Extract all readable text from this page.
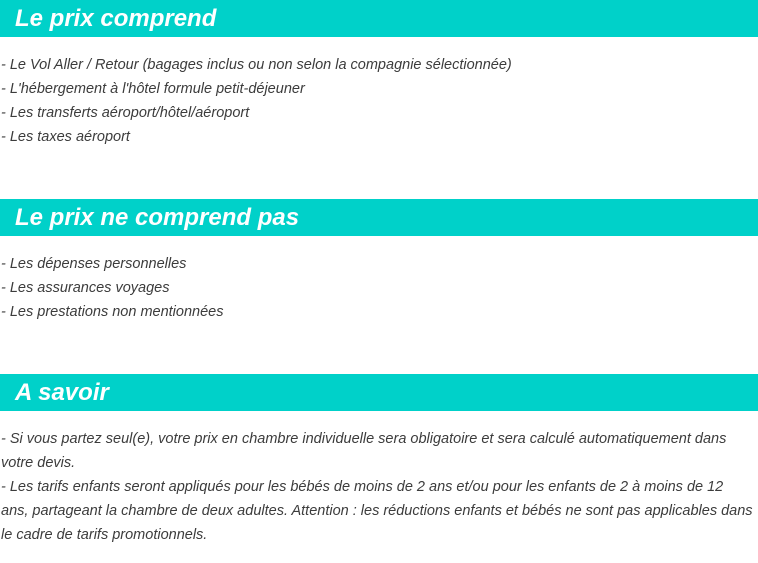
Le prix comprend
- Le Vol Aller / Retour (bagages inclus ou non selon la compagnie sélectionnée)
- L'hébergement à l'hôtel formule petit-déjeuner
- Les transferts aéroport/hôtel/aéroport
- Les taxes aéroport
Le prix ne comprend pas
- Les dépenses personnelles
- Les assurances voyages
- Les prestations non mentionnées
A savoir
- Si vous partez seul(e), votre prix en chambre individuelle sera obligatoire et sera calculé automatiquement dans votre devis.
- Les tarifs enfants seront appliqués pour les bébés de moins de 2 ans et/ou pour les enfants de 2 à moins de 12 ans, partageant la chambre de deux adultes. Attention : les réductions enfants et bébés ne sont pas applicables dans le cadre de tarifs promotionnels.
